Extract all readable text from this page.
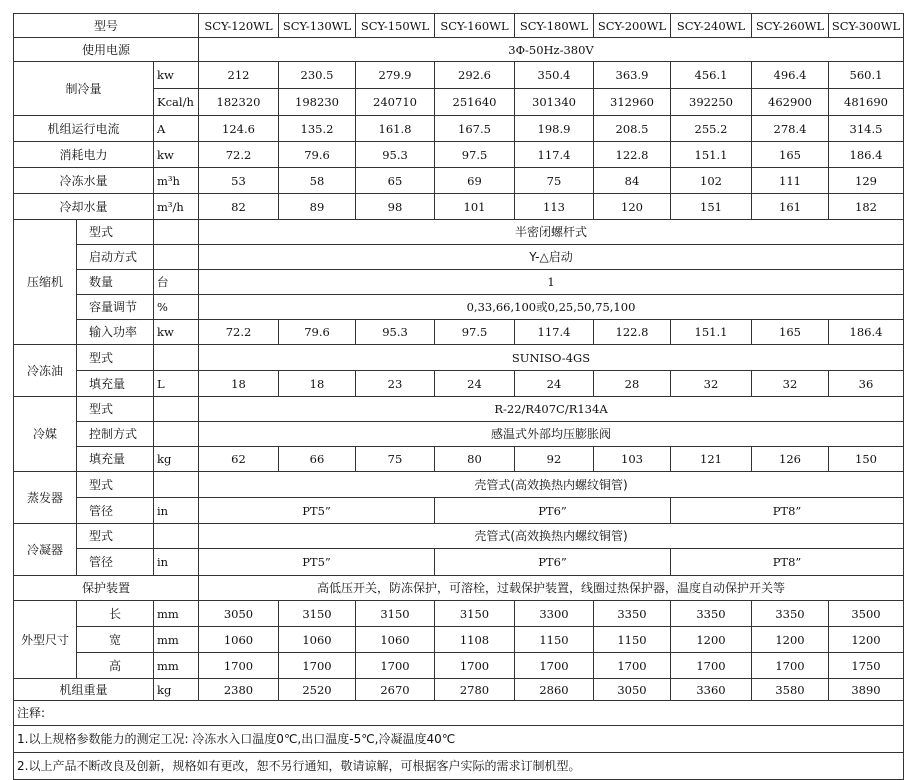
型号			SCY-120WL	SCY-130WL	SCY-150WL	SCY-160WL	SCY-180WL	SCY-200WL	SCY-240WL	SCY-260WL	SCY-300WL
使用电源			3Φ-50Hz-380V								
制冷量		kw	212	230.5	279.9	292.6	350.4	363.9	456.1	496.4	560.1
		Kcal/h	182320	198230	240710	251640	301340	312960	392250	462900	481690
机组运行电流		A	124.6	135.2	161.8	167.5	198.9	208.5	255.2	278.4	314.5
消耗电力		kw	72.2	79.6	95.3	97.5	117.4	122.8	151.1	165	186.4
冷冻水量		m³h	53	58	65	69	75	84	102	111	129
冷却水量		m³/h	82	89	98	101	113	120	151	161	182
压缩机	型式		半密闭螺杆式								
	启动方式		Y-△启动								
	数量	台	1								
	容量调节	%	0,33,66,100或0,25,50,75,100								
	输入功率	kw	72.2	79.6	95.3	97.5	117.4	122.8	151.1	165	186.4
冷冻油	型式		SUNISO-4GS								
	填充量	L	18	18	23	24	24	28	32	32	36
冷媒	型式		R-22/R407C/R134A								
	控制方式		感温式外部均压膨胀阀								
	填充量	kg	62	66	75	80	92	103	121	126	150
蒸发器	型式		壳管式(高效换热内螺纹铜管)								
	管径	in	PT5”			PT6”			PT8”		
冷凝器	型式		壳管式(高效换热内螺纹铜管)								
	管径	in	PT5”			PT6”			PT8”		
保护装置			高低压开关，防冻保护，可溶栓，过载保护装置，线圈过热保护器，温度自动保护开关等								
外型尺寸	长	mm	3050	3150	3150	3150	3300	3350	3350	3350	3500
	宽	mm	1060	1060	1060	1108	1150	1150	1200	1200	1200
	高	mm	1700	1700	1700	1700	1700	1700	1700	1700	1750
机组重量		kg	2380	2520	2670	2780	2860	3050	3360	3580	3890
注释:											
1.以上规格参数能力的测定工况: 冷冻水入口温度0℃,出口温度-5℃,冷凝温度40℃											
2.以上产品不断改良及创新，规格如有更改，恕不另行通知，敬请谅解，可根据客户实际的需求订制机型。											
